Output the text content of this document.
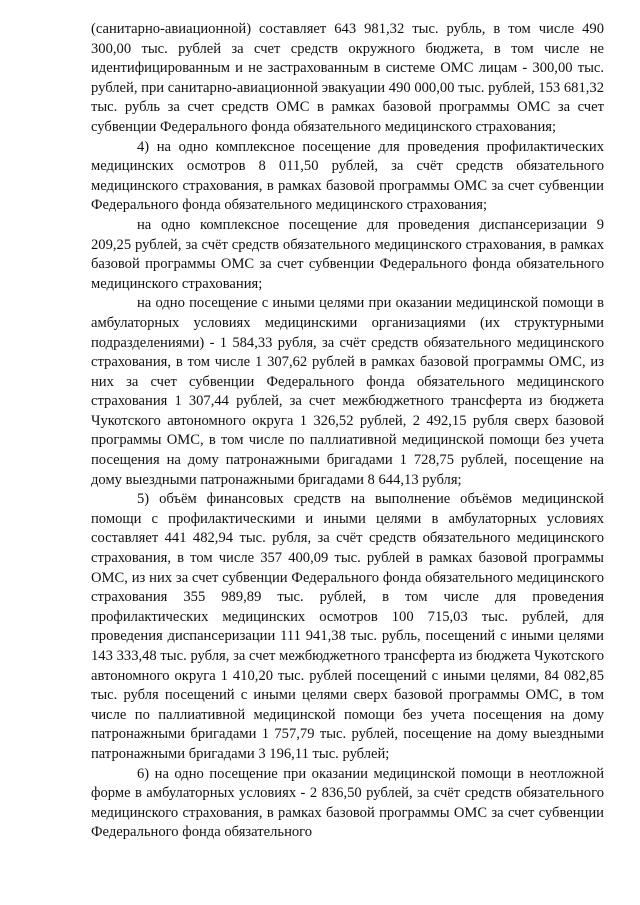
(санитарно-авиационной) составляет 643 981,32 тыс. рубль, в том числе 490 300,00 тыс. рублей за счет средств окружного бюджета, в том числе не идентифицированным и не застрахованным в системе ОМС лицам - 300,00 тыс. рублей, при санитарно-авиационной эвакуации 490 000,00 тыс. рублей, 153 681,32 тыс. рубль за счет средств ОМС в рамках базовой программы ОМС за счет субвенции Федерального фонда обязательного медицинского страхования;

4) на одно комплексное посещение для проведения профилактических медицинских осмотров 8 011,50 рублей, за счёт средств обязательного медицинского страхования, в рамках базовой программы ОМС за счет субвенции Федерального фонда обязательного медицинского страхования;

на одно комплексное посещение для проведения диспансеризации 9 209,25 рублей, за счёт средств обязательного медицинского страхования, в рамках базовой программы ОМС за счет субвенции Федерального фонда обязательного медицинского страхования;

на одно посещение с иными целями при оказании медицинской помощи в амбулаторных условиях медицинскими организациями (их структурными подразделениями) - 1 584,33 рубля, за счёт средств обязательного медицинского страхования, в том числе 1 307,62 рублей в рамках базовой программы ОМС, из них за счет субвенции Федерального фонда обязательного медицинского страхования 1 307,44 рублей, за счет межбюджетного трансферта из бюджета Чукотского автономного округа 1 326,52 рублей, 2 492,15 рубля сверх базовой программы ОМС, в том числе по паллиативной медицинской помощи без учета посещения на дому патронажными бригадами 1 728,75 рублей, посещение на дому выездными патронажными бригадами 8 644,13 рубля;

5) объём финансовых средств на выполнение объёмов медицинской помощи с профилактическими и иными целями в амбулаторных условиях составляет 441 482,94 тыс. рубля, за счёт средств обязательного медицинского страхования, в том числе 357 400,09 тыс. рублей в рамках базовой программы ОМС, из них за счет субвенции Федерального фонда обязательного медицинского страхования 355 989,89 тыс. рублей, в том числе для проведения профилактических медицинских осмотров 100 715,03 тыс. рублей, для проведения диспансеризации 111 941,38 тыс. рубль, посещений с иными целями 143 333,48 тыс. рубля, за счет межбюджетного трансферта из бюджета Чукотского автономного округа 1 410,20 тыс. рублей посещений с иными целями, 84 082,85 тыс. рубля посещений с иными целями сверх базовой программы ОМС, в том числе по паллиативной медицинской помощи без учета посещения на дому патронажными бригадами 1 757,79 тыс. рублей, посещение на дому выездными патронажными бригадами 3 196,11 тыс. рублей;

6) на одно посещение при оказании медицинской помощи в неотложной форме в амбулаторных условиях - 2 836,50 рублей, за счёт средств обязательного медицинского страхования, в рамках базовой программы ОМС за счет субвенции Федерального фонда обязательного
